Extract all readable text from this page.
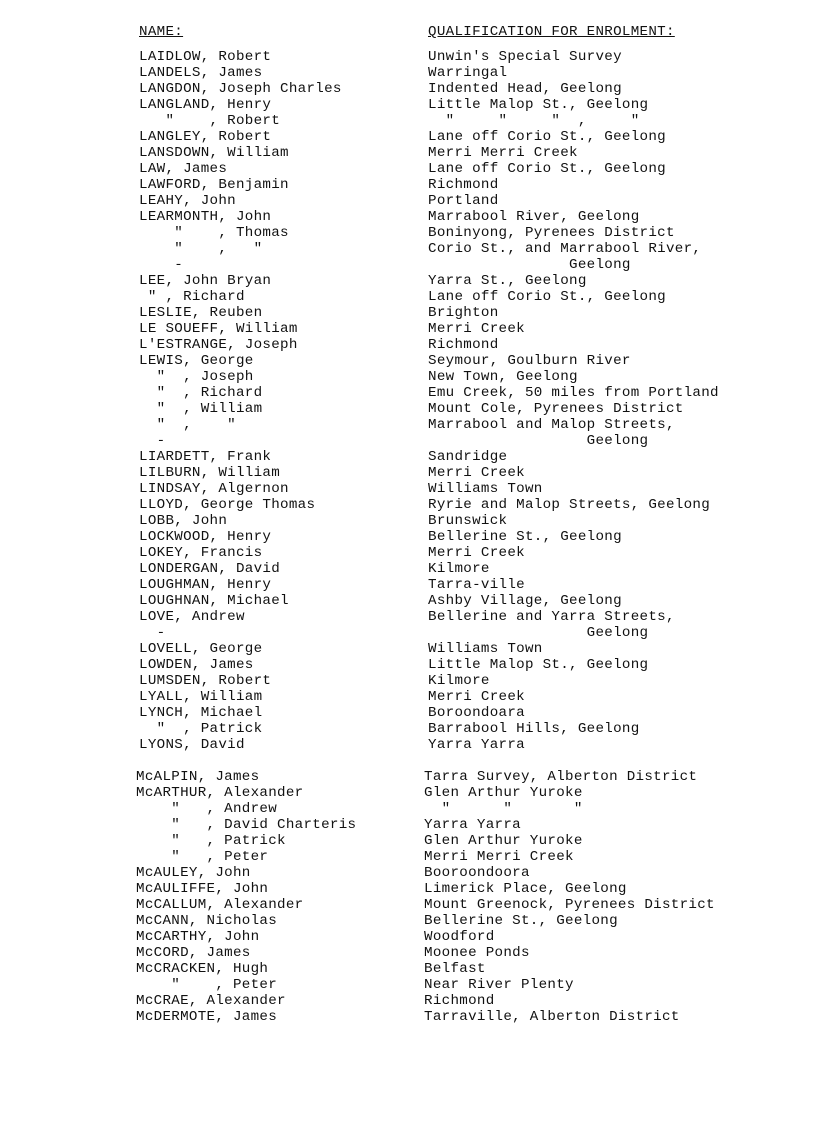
NAME:	QUALIFICATION FOR ENROLMENT:
LAIDLOW, Robert	Unwin's Special Survey
LANDELS, James	Warringal
LANGDON, Joseph Charles	Indented Head, Geelong
LANGLAND, Henry	Little Malop St., Geelong
"    , Robert	"     "     "  ,     "
LANGLEY, Robert	Lane off Corio St., Geelong
LANSDOWN, William	Merri Merri Creek
LAW, James	Lane off Corio St., Geelong
LAWFORD, Benjamin	Richmond
LEAHY, John	Portland
LEARMONTH, John	Marrabool River, Geelong
"    , Thomas	Boninyong, Pyrenees District
"    ,   "	Corio St., and Marrabool River,
-	Geelong
LEE, John Bryan	Yarra St., Geelong
" , Richard	Lane off Corio St., Geelong
LESLIE, Reuben	Brighton
LE SOUEFF, William	Merri Creek
L'ESTRANGE, Joseph	Richmond
LEWIS, George	Seymour, Goulburn River
"  , Joseph	New Town, Geelong
"  , Richard	Emu Creek, 50 miles from Portland
"  , William	Mount Cole, Pyrenees District
"  ,    "	Marrabool and Malop Streets,
-	Geelong
LIARDETT, Frank	Sandridge
LILBURN, William	Merri Creek
LINDSAY, Algernon	Williams Town
LLOYD, George Thomas	Ryrie and Malop Streets, Geelong
LOBB, John	Brunswick
LOCKWOOD, Henry	Bellerine St., Geelong
LOKEY, Francis	Merri Creek
LONDERGAN, David	Kilmore
LOUGHMAN, Henry	Tarra-ville
LOUGHNAN, Michael	Ashby Village, Geelong
LOVE, Andrew	Bellerine and Yarra Streets,
-	Geelong
LOVELL, George	Williams Town
LOWDEN, James	Little Malop St., Geelong
LUMSDEN, Robert	Kilmore
LYALL, William	Merri Creek
LYNCH, Michael	Boroondoara
"  , Patrick	Barrabool Hills, Geelong
LYONS, David	Yarra Yarra
McALPIN, James	Tarra Survey, Alberton District
McARTHUR, Alexander	Glen Arthur Yuroke
"   , Andrew	"      "       "
"   , David Charteris	Yarra Yarra
"   , Patrick	Glen Arthur Yuroke
"   , Peter	Merri Merri Creek
McAULEY, John	Booroondoora
McAULIFFE, John	Limerick Place, Geelong
McCALLUM, Alexander	Mount Greenock, Pyrenees District
McCANN, Nicholas	Bellerine St., Geelong
McCARTHY, John	Woodford
McCORD, James	Moonee Ponds
McCRACKEN, Hugh	Belfast
"    , Peter	Near River Plenty
McCRAE, Alexander	Richmond
McDERMOTE, James	Tarraville, Alberton District
